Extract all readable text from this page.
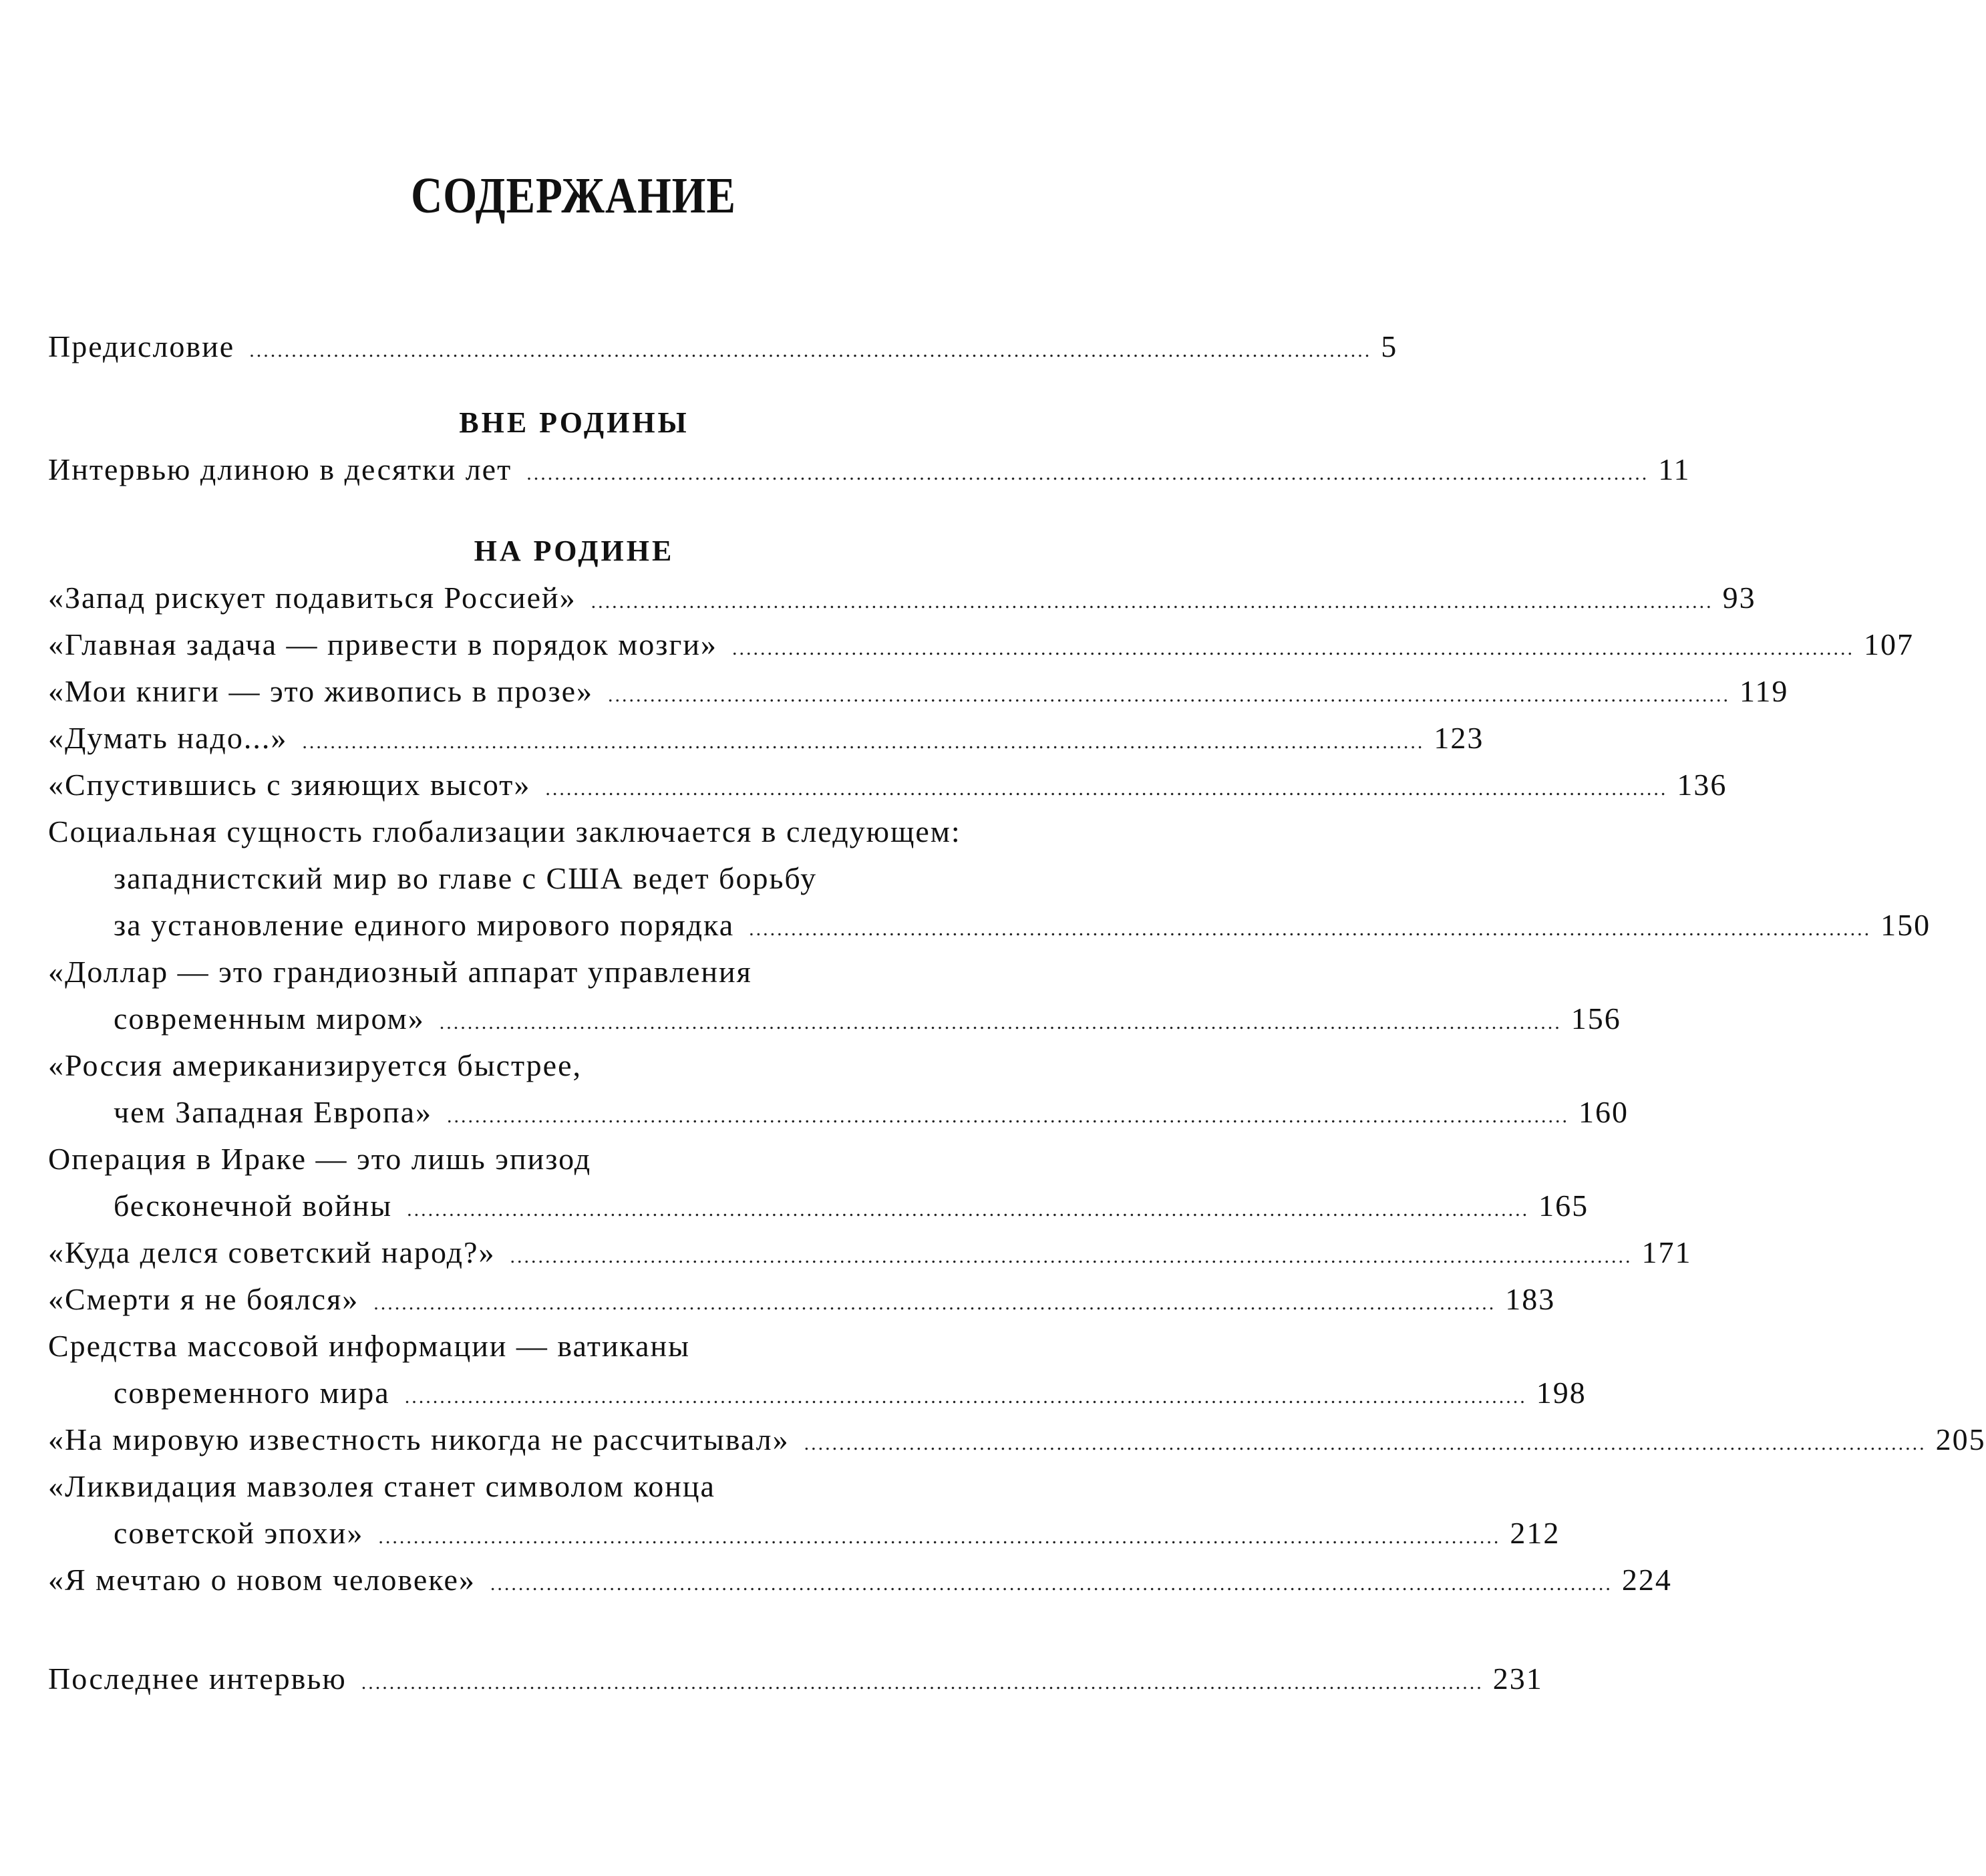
СОДЕРЖАНИЕ
Предисловие ................................................................................................................................................................ 5
ВНЕ РОДИНЫ
Интервью длиною в десятки лет ................................................................................................................................................................ 11
НА РОДИНЕ
«Запад рискует подавиться Россией» ................................................................................................................................................................ 93
«Главная задача — привести в порядок мозги» ................................................................................................................................................................ 107
«Мои книги — это живопись в прозе» ................................................................................................................................................................ 119
«Думать надо...» ................................................................................................................................................................ 123
«Спустившись с зияющих высот» ................................................................................................................................................................ 136
Социальная сущность глобализации заключается в следующем:
западнистский мир во главе с США ведет борьбу
за установление единого мирового порядка ................................................................................................................................................................ 150
«Доллар — это грандиозный аппарат управления
современным миром» ................................................................................................................................................................ 156
«Россия американизируется быстрее,
чем Западная Европа» ................................................................................................................................................................ 160
Операция в Ираке — это лишь эпизод
бесконечной войны ................................................................................................................................................................ 165
«Куда делся советский народ?» ................................................................................................................................................................ 171
«Смерти я не боялся» ................................................................................................................................................................ 183
Средства массовой информации — ватиканы
современного мира ................................................................................................................................................................ 198
«На мировую известность никогда не рассчитывал» ................................................................................................................................................................ 205
«Ликвидация мавзолея станет символом конца
советской эпохи» ................................................................................................................................................................ 212
«Я мечтаю о новом человеке» ................................................................................................................................................................ 224
Последнее интервью ................................................................................................................................................................ 231
